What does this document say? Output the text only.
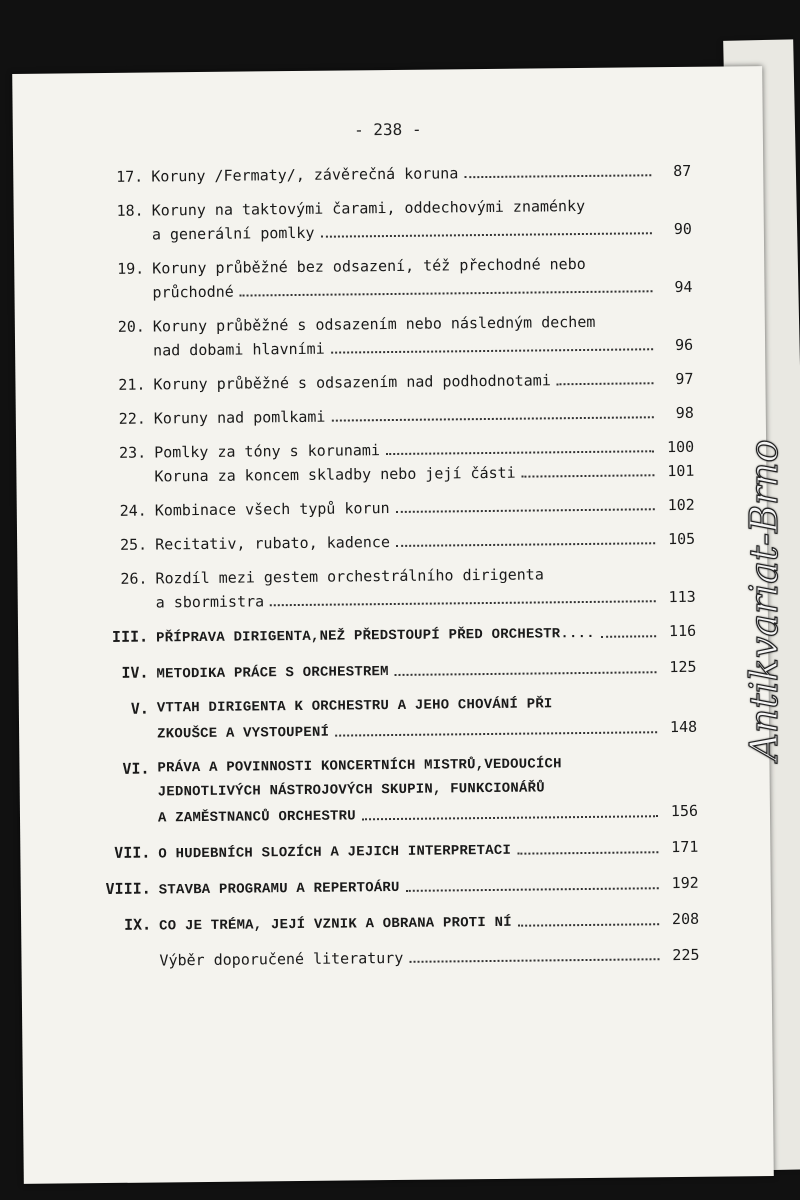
- 238 -
17. Koruny /Fermaty/, závěrečná koruna	87
18. Koruny na taktovými čarami, oddechovými znaménky
a generální pomlky	90
19. Koruny průběžné bez odsazení, též přechodné nebo
průchodné	94
20. Koruny průběžné s odsazením nebo následným dechem
nad dobami hlavními	96
21. Koruny průběžné s odsazením nad podhodnotami	97
22. Koruny nad pomlkami	98
23. Pomlky za tóny s korunami	100
Koruna za koncem skladby nebo její části	101
24. Kombinace všech typů korun	102
25. Recitativ, rubato, kadence	105
26. Rozdíl mezi gestem orchestrálního dirigenta
a sbormistra	113
III. PŘÍPRAVA DIRIGENTA,NEŽ PŘEDSTOUPÍ PŘED ORCHESTR....	116
IV. METODIKA PRÁCE S ORCHESTREM	125
V. VTTAH DIRIGENTA K ORCHESTRU A JEHO CHOVÁNÍ PŘI
ZKOUŠCE A VYSTOUPENÍ	148
VI. PRÁVA A POVINNOSTI KONCERTNÍCH MISTRŮ,VEDOUCÍCH
JEDNOTLIVÝCH NÁSTROJOVÝCH SKUPIN, FUNKCIONÁŘŮ
A ZAMĚSTNANCŮ ORCHESTRU	156
VII. O HUDEBNÍCH SLOZÍCH A JEJICH INTERPRETACI	171
VIII. STAVBA PROGRAMU A REPERTOÁRU	192
IX. CO JE TRÉMA, JEJÍ VZNIK A OBRANA PROTI NÍ	208
Výběr doporučené literatury	225
Antikvariat-Brno
